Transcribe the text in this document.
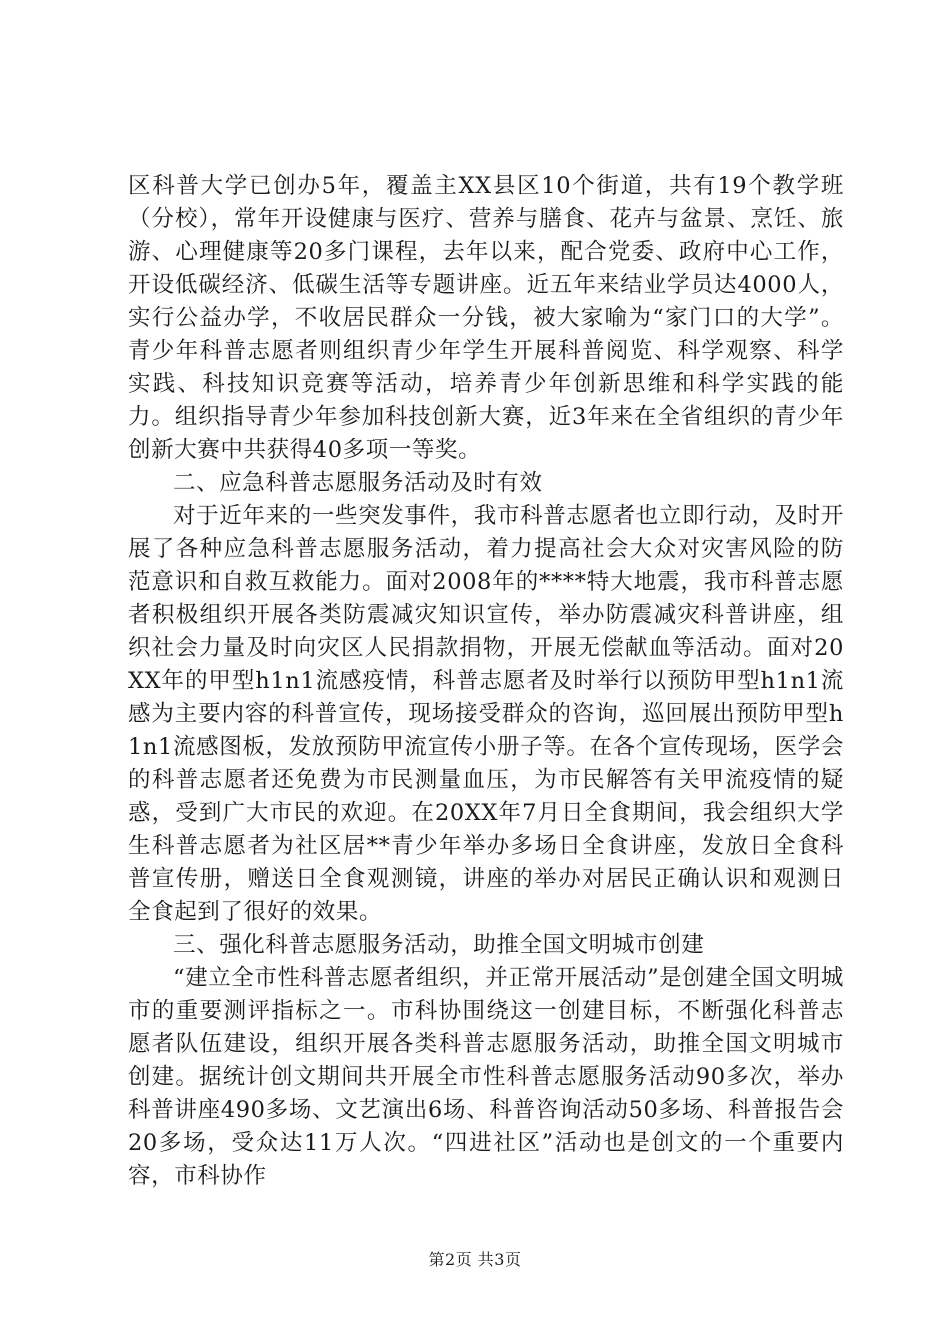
区科普大学已创办5年，覆盖主XX县区10个街道，共有19个教学班（分校），常年开设健康与医疗、营养与膳食、花卉与盆景、烹饪、旅游、心理健康等20多门课程，去年以来，配合党委、政府中心工作，开设低碳经济、低碳生活等专题讲座。近五年来结业学员达4000人，实行公益办学，不收居民群众一分钱，被大家喻为“家门口的大学”。青少年科普志愿者则组织青少年学生开展科普阅览、科学观察、科学实践、科技知识竞赛等活动，培养青少年创新思维和科学实践的能力。组织指导青少年参加科技创新大赛，近3年来在全省组织的青少年创新大赛中共获得40多项一等奖。

二、应急科普志愿服务活动及时有效

对于近年来的一些突发事件，我市科普志愿者也立即行动，及时开展了各种应急科普志愿服务活动，着力提高社会大众对灾害风险的防范意识和自救互救能力。面对2008年的****特大地震，我市科普志愿者积极组织开展各类防震减灾知识宣传，举办防震减灾科普讲座，组织社会力量及时向灾区人民捐款捐物，开展无偿献血等活动。面对20XX年的甲型h1n1流感疫情，科普志愿者及时举行以预防甲型h1n1流感为主要内容的科普宣传，现场接受群众的咨询，巡回展出预防甲型h1n1流感图板，发放预防甲流宣传小册子等。在各个宣传现场，医学会的科普志愿者还免费为市民测量血压，为市民解答有关甲流疫情的疑惑，受到广大市民的欢迎。在20XX年7月日全食期间，我会组织大学生科普志愿者为社区居**青少年举办多场日全食讲座，发放日全食科普宣传册，赠送日全食观测镜，讲座的举办对居民正确认识和观测日全食起到了很好的效果。

三、强化科普志愿服务活动，助推全国文明城市创建

“建立全市性科普志愿者组织，并正常开展活动”是创建全国文明城市的重要测评指标之一。市科协围绕这一创建目标，不断强化科普志愿者队伍建设，组织开展各类科普志愿服务活动，助推全国文明城市创建。据统计创文期间共开展全市性科普志愿服务活动90多次，举办科普讲座490多场、文艺演出6场、科普咨询活动50多场、科普报告会20多场，受众达11万人次。“四进社区”活动也是创文的一个重要内容，市科协作

第2页 共3页
